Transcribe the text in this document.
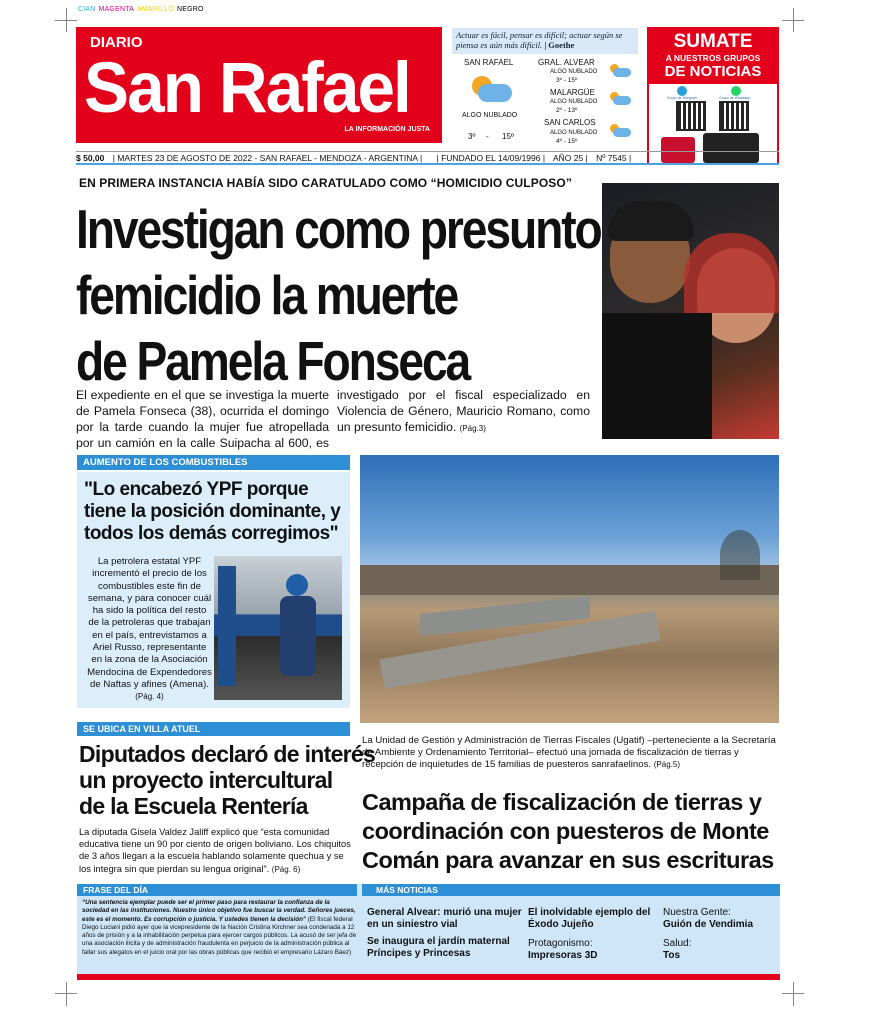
CIAN MAGENTA AMARILLO NEGRO
DIARIO
San Rafael
LA INFORMACIÓN JUSTA
Actuar es fácil, pensar es difícil; actuar según se piensa es aún más difícil. | Goethe
SAN RAFAEL
ALGO NUBLADO
3º - 15º
GRAL. ALVEAR
ALGO NUBLADO
3º - 15º
MALARGÜE
ALGO NUBLADO
2º - 13º
SAN CARLOS
ALGO NUBLADO
4º - 15º
SUMATE
A NUESTROS GRUPOS
DE NOTICIAS
Grupo de Telegram	Grupo de Whatsapp
$ 50,00 | MARTES 23 DE AGOSTO DE 2022 - SAN RAFAEL - MENDOZA - ARGENTINA | | FUNDADO EL 14/09/1996 | AÑO 25 | Nº 7545 |
EN PRIMERA INSTANCIA HABÍA SIDO CARATULADO COMO “HOMICIDIO CULPOSO”
Investigan como presunto
femicidio la muerte
de Pamela Fonseca
El expediente en el que se investiga la muerte de Pamela Fonseca (38), ocurrida el domingo por la tarde cuando la mujer fue atropellada por un camión en la calle Suipacha al 600, es investigado por el fiscal especializado en Violencia de Género, Mauricio Romano, como un presunto femicidio. (Pág.3)
AUMENTO DE LOS COMBUSTIBLES
"Lo encabezó YPF porque tiene la posición dominante, y todos los demás corregimos"
La petrolera estatal YPF incrementó el precio de los combustibles este fin de semana, y para conocer cuál ha sido la política del resto de la petroleras que trabajan en el país, entrevistamos a Ariel Russo, representante en la zona de la Asociación Mendocina de Expendedores de Naftas y afines (Amena). (Pág. 4)
SE UBICA EN VILLA ATUEL
Diputados declaró de interés
un proyecto intercultural
de la Escuela Rentería
La diputada Gisela Valdez Jaliff explicó que “esta comunidad educativa tiene un 90 por ciento de origen boliviano. Los chiquitos de 3 años llegan a la escuela hablando solamente quechua y se los integra sin que pierdan su lengua original”. (Pág. 6)
La Unidad de Gestión y Administración de Tierras Fiscales (Ugatif) –perteneciente a la Secretaría de Ambiente y Ordenamiento Territorial– efectuó una jornada de fiscalización de tierras y recepción de inquietudes de 15 familias de puesteros sanrafaelinos. (Pág.5)
Campaña de fiscalización de tierras y
coordinación con puesteros de Monte
Comán para avanzar en sus escrituras
FRASE DEL DÍA	MÁS NOTICIAS
“Una sentencia ejemplar puede ser el primer paso para restaurar la confianza de la sociedad en las instituciones. Nuestro único objetivo fue buscar la verdad. Señores jueces, este es el momento. Es corrupción o justicia. Y ustedes tienen la decisión” (El fiscal federal Diego Luciani pidió ayer que la vicepresidente de la Nación Cristina Kirchner sea condenada a 12 años de prisión y a la inhabilitación perpetua para ejercer cargos públicos. La acusó de ser jefa de una asociación ilícita y de administración fraudulenta en perjuicio de la administración pública al fallar sus alegatos en el juicio oral por las obras públicas que recibió el empresario Lázaro Báez)
General Alvear: murió una mujer en un siniestro vial
Se inaugura el jardín maternal Príncipes y Princesas
El inolvidable ejemplo del Éxodo Jujeño
Protagonismo:
Impresoras 3D
Nuestra Gente:
Guión de Vendimia
Salud:
Tos
